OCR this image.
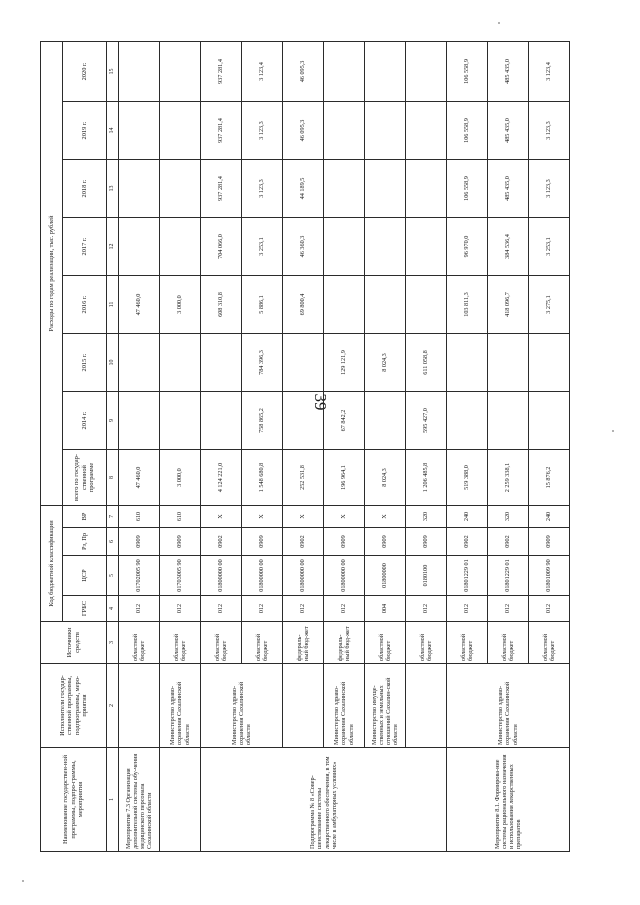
39
Наименование государствен-ной программы, подпро-граммы, мероприятия	Исполнители государ-ственной программы, подпрограммы, меро-приятия	Источники средств	Код бюджетной классификации				Расходы по годам реализации, тыс. рублей							
			ГРБС	ЦСР	Рз, Пр	ВР	всего по государ-ственной программе	2014 г.	2015 г.	2016 г.	2017 г.	2018 г.	2019 г.	2020 г.
1	2	3	4	5	6	7	8	9	10	11	12	13	14	15
Мероприятие 7.3 Организация дополнительной системы обу-чения медицинского персонала Сахалинской области		областной бюджет	012	01702005 90	0909	610	47 460,0			47 460,0				
	Министерство здраво-охранения Сахалинской области	областной бюджет	012	01703005 90	0909	610	3 000,0			3 000,0				
Подпрограмма № 8 «Совер-шенствование системы лекарственного обеспечения, в том числе в амбулаторных условиях»	Министерство здраво-охранения Сахалинской области	областной бюджет	012	01800000 00	0902	X	4 124 221,0			608 310,8	704 066,0	937 281,4	937 281,4	937 281,4
		областной бюджет	012	01800000 00	0909	X	1 548 680,8	758 865,2	784 396,3	5 886,1	3 253,1	3 123,3	3 123,3	3 123,4
		федераль-ный бюд-жет	012	01800000 00	0902	X	252 531,8			69 800,4	46 360,3	44 189,5	46 095,3	46 095,3
	Министерство здраво-охранения Сахалинской области	федераль-ный бюд-жет	012	01800000 00	0909	X	196 964,1	67 842,2	129 121,9					
	Министерство имуще-ственных и земельных отношений Сахалин-ской области	областной бюджет	004	01800000	0909	X	8 024,3		8 024,3					
		областной бюджет	012	0180100	0909	320	1 206 485,8	595 427,0	611 058,8					
Мероприятие 8.1. Формирова-ние системы рационального назначения и использования лекарственных препаратов	Министерство здраво-охранения Сахалинской области	областной бюджет	012	01801229 01	0902	240	519 388,0			103 811,3	96 970,0	106 558,9	106 558,9	106 558,9
		областной бюджет	012	01801229 01	0902	320	2 259 338,1			418 096,7	384 536,4	485 435,0	485 435,0	485 435,0
		областной бюджет	012	01801009 90	0909	240	15 876,2			3 275,1	3 253,1	3 123,3	3 123,3	3 123,4
